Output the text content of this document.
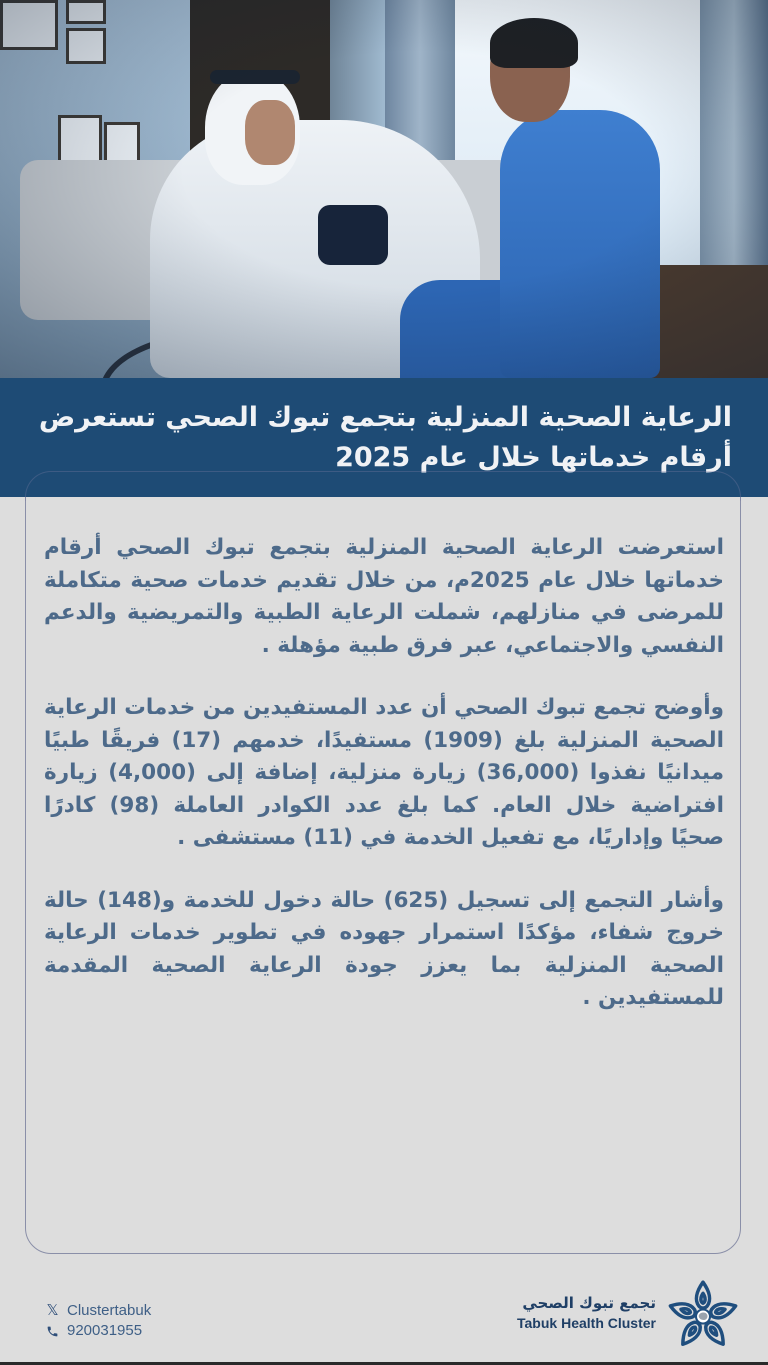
الرعاية الصحية المنزلية بتجمع تبوك الصحي تستعرض
أرقام خدماتها خلال عام 2025

استعرضت الرعاية الصحية المنزلية بتجمع تبوك الصحي أرقام خدماتها خلال عام 2025م، من خلال تقديم خدمات صحية متكاملة للمرضى في منازلهم، شملت الرعاية الطبية والتمريضية والدعم النفسي والاجتماعي، عبر فرق طبية مؤهلة .

وأوضح تجمع تبوك الصحي أن عدد المستفيدين من خدمات الرعاية الصحية المنزلية بلغ (1909) مستفيدًا، خدمهم (17) فريقًا طبيًا ميدانيًا نفذوا (36,000) زيارة منزلية، إضافة إلى (4,000) زيارة افتراضية خلال العام. كما بلغ عدد الكوادر العاملة (98) كادرًا صحيًا وإداريًا، مع تفعيل الخدمة في (11) مستشفى .

وأشار التجمع إلى تسجيل (625) حالة دخول للخدمة و(148) حالة خروج شفاء، مؤكدًا استمرار جهوده في تطوير خدمات الرعاية الصحية المنزلية بما يعزز جودة الرعاية الصحية المقدمة للمستفيدين .

𝕏 Clustertabuk
920031955
تجمع تبوك الصحي
Tabuk Health Cluster
